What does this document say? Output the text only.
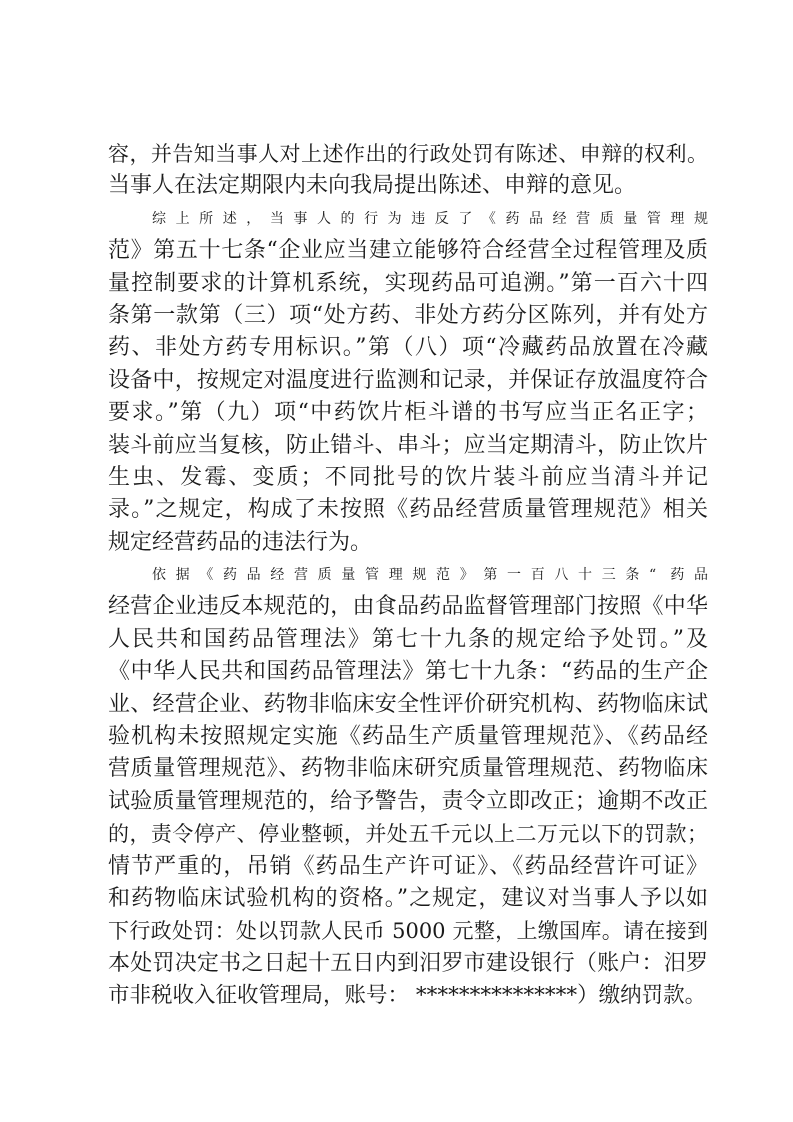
容，并告知当事人对上述作出的行政处罚有陈述、申辩的权利。
当事人在法定期限内未向我局提出陈述、申辩的意见。
综上所述，当事人的行为违反了《药品经营质量管理规
范》第五十七条“企业应当建立能够符合经营全过程管理及质
量控制要求的计算机系统，实现药品可追溯。”第一百六十四
条第一款第（三）项“处方药、非处方药分区陈列，并有处方
药、非处方药专用标识。”第（八）项“冷藏药品放置在冷藏
设备中，按规定对温度进行监测和记录，并保证存放温度符合
要求。”第（九）项“中药饮片柜斗谱的书写应当正名正字；
装斗前应当复核，防止错斗、串斗；应当定期清斗，防止饮片
生虫、发霉、变质；不同批号的饮片装斗前应当清斗并记
录。”之规定，构成了未按照《药品经营质量管理规范》相关
规定经营药品的违法行为。
依据《药品经营质量管理规范》第一百八十三条“ 药品
经营企业违反本规范的，由食品药品监督管理部门按照《中华
人民共和国药品管理法》第七十九条的规定给予处罚。”及
《中华人民共和国药品管理法》第七十九条：“药品的生产企
业、经营企业、药物非临床安全性评价研究机构、药物临床试
验机构未按照规定实施《药品生产质量管理规范》、《药品经
营质量管理规范》、药物非临床研究质量管理规范、药物临床
试验质量管理规范的，给予警告，责令立即改正；逾期不改正
的，责令停产、停业整顿，并处五千元以上二万元以下的罚款；
情节严重的，吊销《药品生产许可证》、《药品经营许可证》
和药物临床试验机构的资格。”之规定，建议对当事人予以如
下行政处罚：处以罚款人民币 5000 元整，上缴国库。请在接到
本处罚决定书之日起十五日内到汨罗市建设银行（账户：汨罗
市非税收入征收管理局，账号： ***************）缴纳罚款。
